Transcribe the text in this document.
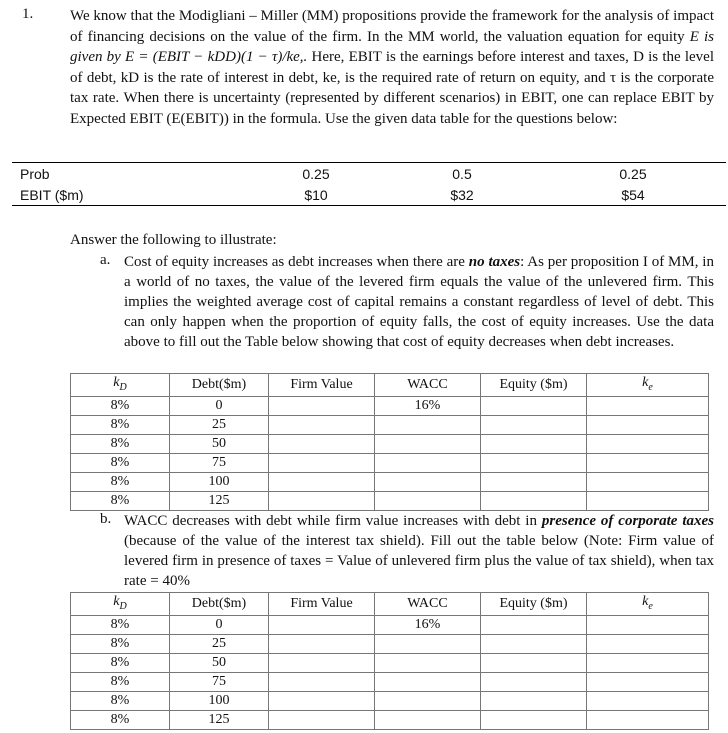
1. We know that the Modigliani – Miller (MM) propositions provide the framework for the analysis of impact of financing decisions on the value of the firm. In the MM world, the valuation equation for equity E is given by E = (EBIT − kDD)(1 − τ)/ke,. Here, EBIT is the earnings before interest and taxes, D is the level of debt, kD is the rate of interest in debt, ke, is the required rate of return on equity, and τ is the corporate tax rate. When there is uncertainty (represented by different scenarios) in EBIT, one can replace EBIT by Expected EBIT (E(EBIT)) in the formula. Use the given data table for the questions below:
Prob	0.25	0.5	0.25
EBIT ($m)	$10	$32	$54
Answer the following to illustrate:
a. Cost of equity increases as debt increases when there are no taxes: As per proposition I of MM, in a world of no taxes, the value of the levered firm equals the value of the unlevered firm. This implies the weighted average cost of capital remains a constant regardless of level of debt. This can only happen when the proportion of equity falls, the cost of equity increases. Use the data above to fill out the Table below showing that cost of equity decreases when debt increases.
$k_D$	Debt($m)	Firm Value	WACC	Equity ($m)	$k_e$
8%	0		16%		
8%	25				
8%	50				
8%	75				
8%	100				
8%	125				
b. WACC decreases with debt while firm value increases with debt in presence of corporate taxes (because of the value of the interest tax shield). Fill out the table below (Note: Firm value of levered firm in presence of taxes = Value of unlevered firm plus the value of tax shield), when tax rate = 40%
$k_D$	Debt($m)	Firm Value	WACC	Equity ($m)	$k_e$
8%	0		16%		
8%	25				
8%	50				
8%	75				
8%	100				
8%	125				
